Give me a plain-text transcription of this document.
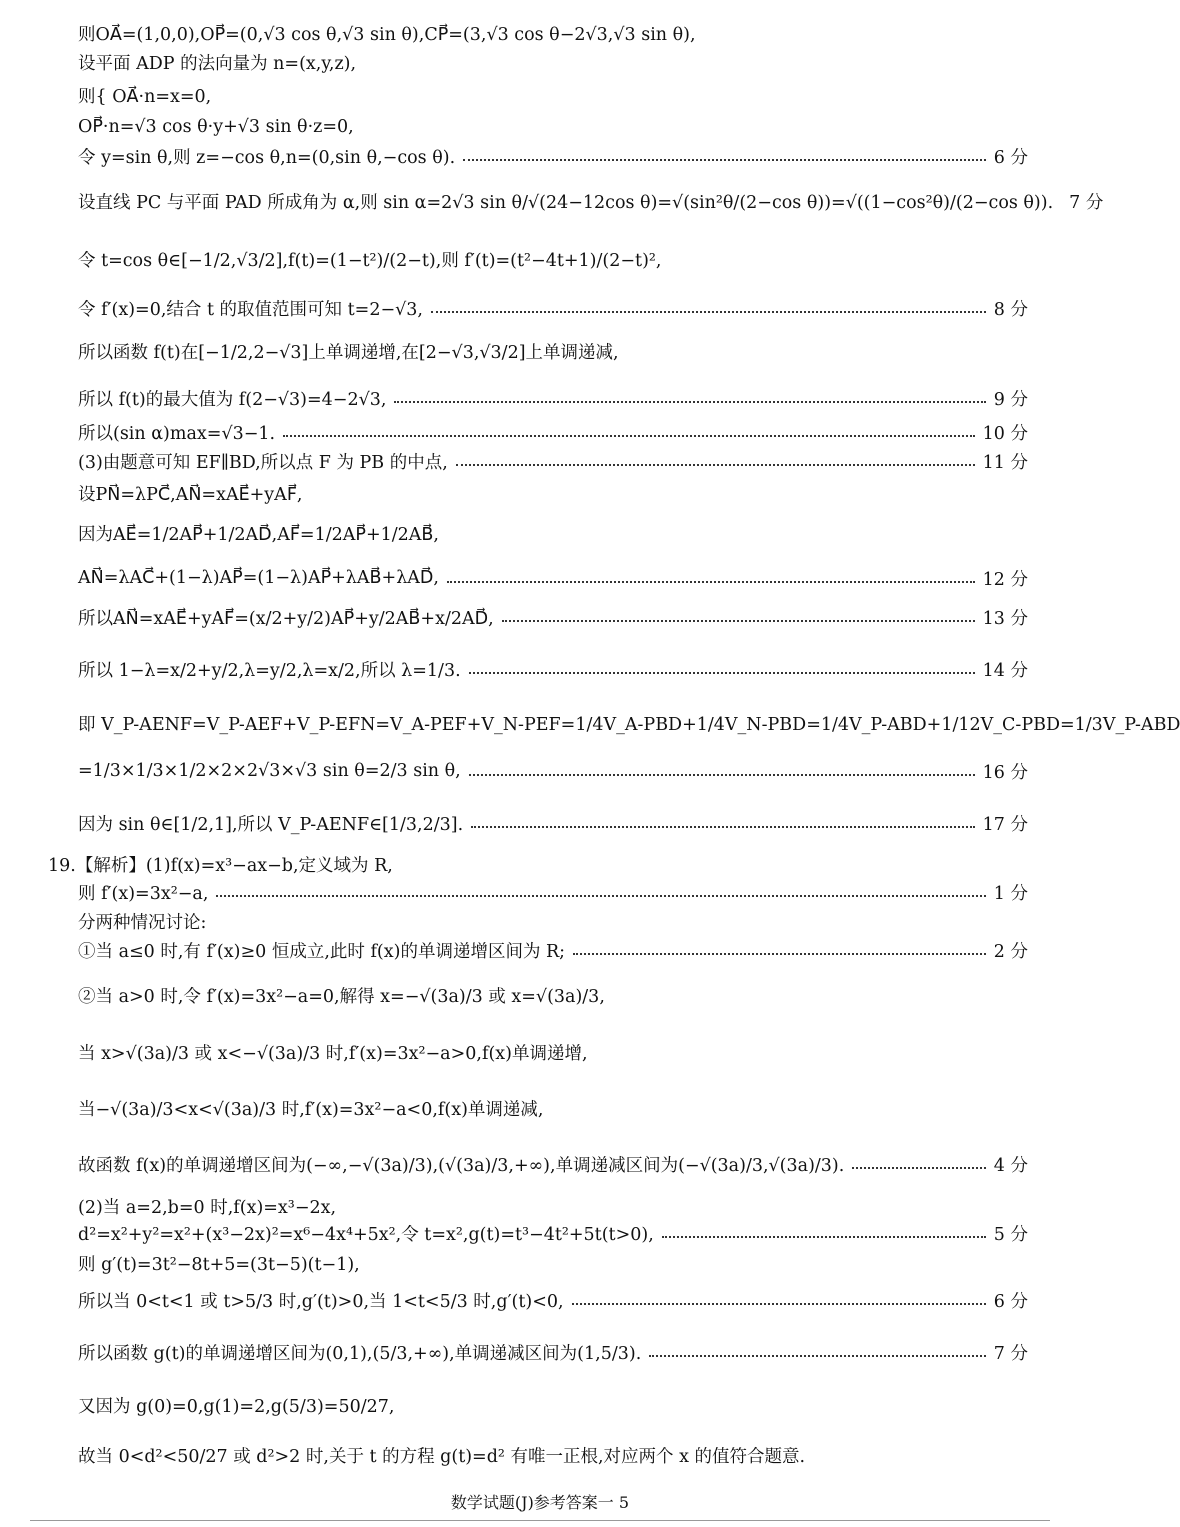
则OA⃗=(1,0,0),OP⃗=(0,√3 cos θ,√3 sin θ),CP⃗=(3,√3 cos θ−2√3,√3 sin θ),
设平面 ADP 的法向量为 n=(x,y,z),
则{ OA⃗·n=x=0,
OP⃗·n=√3 cos θ·y+√3 sin θ·z=0,
令 y=sin θ,则 z=−cos θ,n=(0,sin θ,−cos θ).	6 分
设直线 PC 与平面 PAD 所成角为 α,则 sin α=2√3 sin θ/√(24−12cos θ)=√(sin²θ/(2−cos θ))=√((1−cos²θ)/(2−cos θ)). 7 分
令 t=cos θ∈[−1/2,√3/2],f(t)=(1−t²)/(2−t),则 f′(t)=(t²−4t+1)/(2−t)²,
令 f′(x)=0,结合 t 的取值范围可知 t=2−√3,	8 分
所以函数 f(t)在[−1/2,2−√3]上单调递增,在[2−√3,√3/2]上单调递减,
所以 f(t)的最大值为 f(2−√3)=4−2√3,	9 分
所以(sin α)max=√3−1.	10 分
(3)由题意可知 EF∥BD,所以点 F 为 PB 的中点,	11 分
设PN⃗=λPC⃗,AN⃗=xAE⃗+yAF⃗,
因为AE⃗=1/2AP⃗+1/2AD⃗,AF⃗=1/2AP⃗+1/2AB⃗,
AN⃗=λAC⃗+(1−λ)AP⃗=(1−λ)AP⃗+λAB⃗+λAD⃗,	12 分
所以AN⃗=xAE⃗+yAF⃗=(x/2+y/2)AP⃗+y/2AB⃗+x/2AD⃗,	13 分
所以 1−λ=x/2+y/2,λ=y/2,λ=x/2,所以 λ=1/3.	14 分
即 V_P-AENF=V_P-AEF+V_P-EFN=V_A-PEF+V_N-PEF=1/4V_A-PBD+1/4V_N-PBD=1/4V_P-ABD+1/12V_C-PBD=1/3V_P-ABD
=1/3×1/3×1/2×2×2√3×√3 sin θ=2/3 sin θ,	16 分
因为 sin θ∈[1/2,1],所以 V_P-AENF∈[1/3,2/3].	17 分
19.【解析】(1)f(x)=x³−ax−b,定义域为 R,
则 f′(x)=3x²−a,	1 分
分两种情况讨论:
①当 a≤0 时,有 f′(x)≥0 恒成立,此时 f(x)的单调递增区间为 R;	2 分
②当 a>0 时,令 f′(x)=3x²−a=0,解得 x=−√(3a)/3 或 x=√(3a)/3,
当 x>√(3a)/3 或 x<−√(3a)/3 时,f′(x)=3x²−a>0,f(x)单调递增,
当−√(3a)/3<x<√(3a)/3 时,f′(x)=3x²−a<0,f(x)单调递减,
故函数 f(x)的单调递增区间为(−∞,−√(3a)/3),(√(3a)/3,+∞),单调递减区间为(−√(3a)/3,√(3a)/3).	4 分
(2)当 a=2,b=0 时,f(x)=x³−2x,
d²=x²+y²=x²+(x³−2x)²=x⁶−4x⁴+5x²,令 t=x²,g(t)=t³−4t²+5t(t>0),	5 分
则 g′(t)=3t²−8t+5=(3t−5)(t−1),
所以当 0<t<1 或 t>5/3 时,g′(t)>0,当 1<t<5/3 时,g′(t)<0,	6 分
所以函数 g(t)的单调递增区间为(0,1),(5/3,+∞),单调递减区间为(1,5/3).	7 分
又因为 g(0)=0,g(1)=2,g(5/3)=50/27,
故当 0<d²<50/27 或 d²>2 时,关于 t 的方程 g(t)=d² 有唯一正根,对应两个 x 的值符合题意.
数学试题(J)参考答案一 5
